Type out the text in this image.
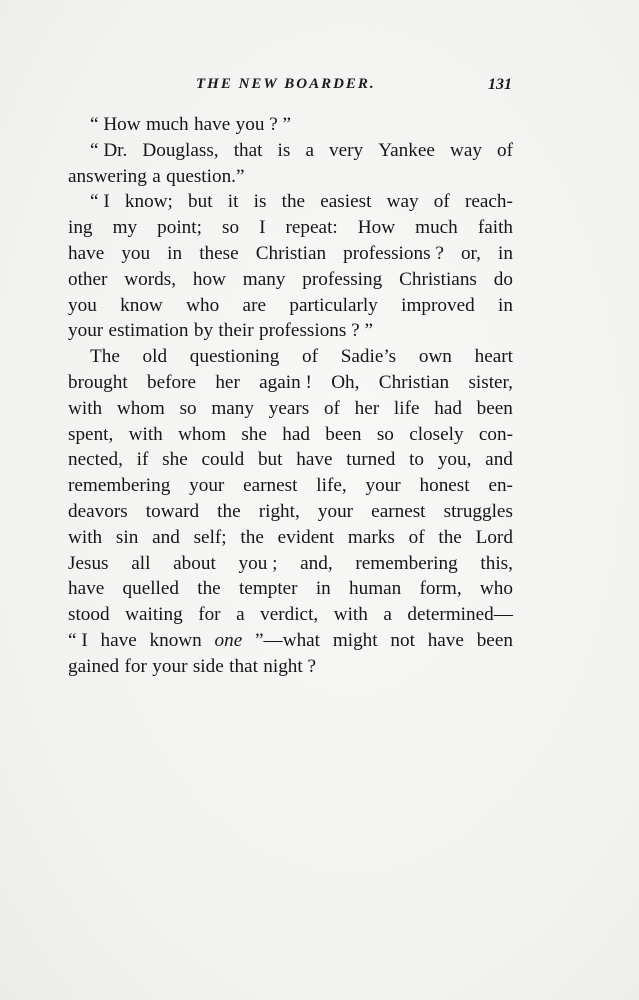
THE NEW BOARDER.	131
“ How much have you ? ”
“ Dr. Douglass, that is a very Yankee way of
answering a question.”
“ I know; but it is the easiest way of reach-
ing my point; so I repeat: How much faith
have you in these Christian professions ? or, in
other words, how many professing Christians do
you know who are particularly improved in
your estimation by their professions ? ”
The old questioning of Sadie’s own heart
brought before her again ! Oh, Christian sister,
with whom so many years of her life had been
spent, with whom she had been so closely con-
nected, if she could but have turned to you, and
remembering your earnest life, your honest en-
deavors toward the right, your earnest struggles
with sin and self; the evident marks of the Lord
Jesus all about you ; and, remembering this,
have quelled the tempter in human form, who
stood waiting for a verdict, with a determined—
“ I have known one ”—what might not have been
gained for your side that night ?
